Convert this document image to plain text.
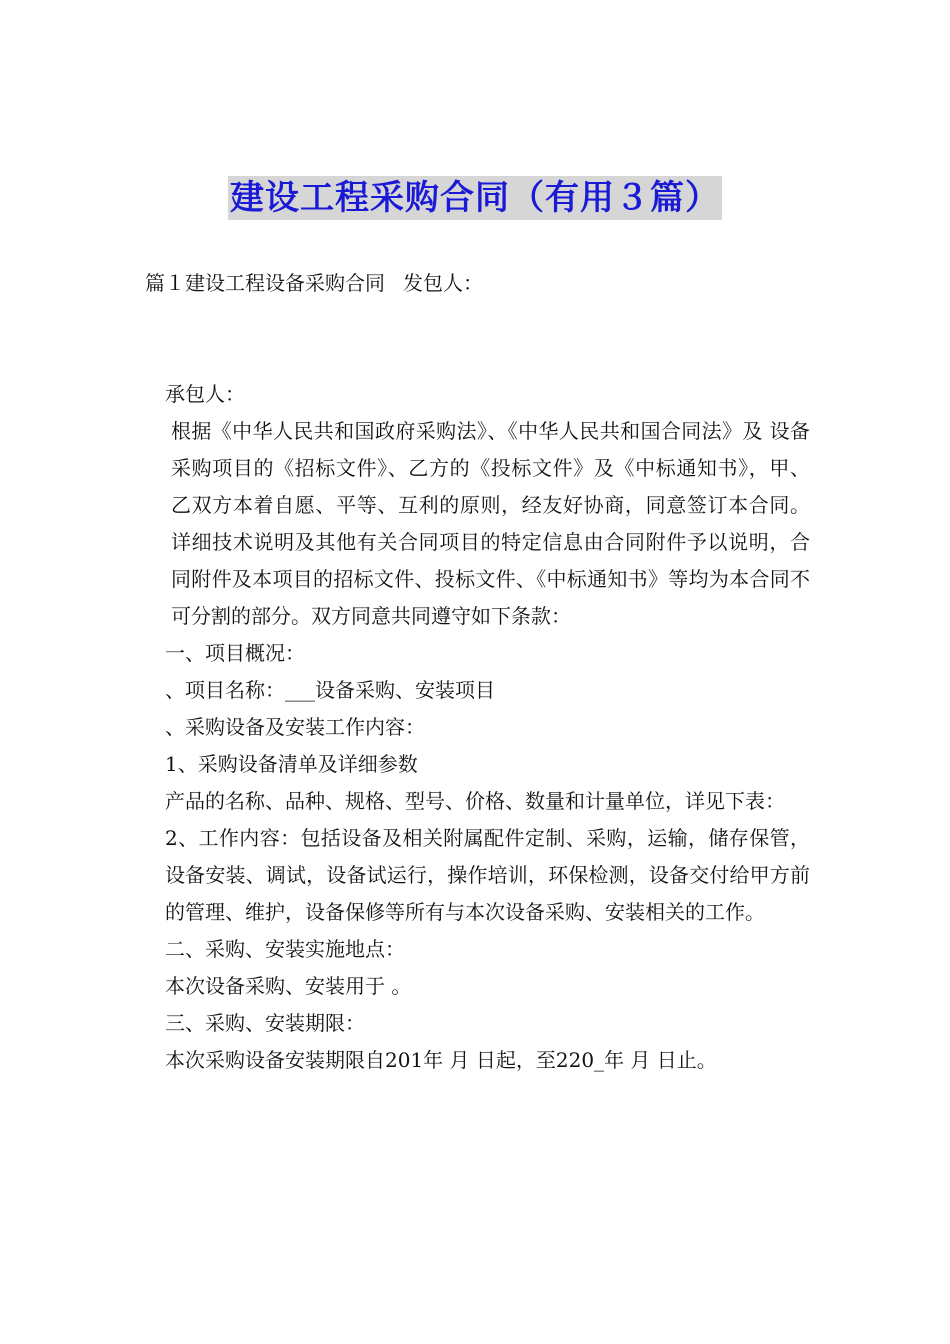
建设工程采购合同（有用３篇）
篇１建设工程设备采购合同 发包人：

承包人：

根据《中华人民共和国政府采购法》、《中华人民共和国合同法》及 设备采购项目的《招标文件》、乙方的《投标文件》及《中标通知书》，甲、乙双方本着自愿、平等、互利的原则，经友好协商，同意签订本合同。详细技术说明及其他有关合同项目的特定信息由合同附件予以说明，合同附件及本项目的招标文件、投标文件、《中标通知书》等均为本合同不可分割的部分。双方同意共同遵守如下条款：

一、项目概况：

、项目名称：___设备采购、安装项目

、采购设备及安装工作内容：

1、采购设备清单及详细参数

产品的名称、品种、规格、型号、价格、数量和计量单位，详见下表：

2、工作内容：包括设备及相关附属配件定制、采购，运输，储存保管，设备安装、调试，设备试运行，操作培训，环保检测，设备交付给甲方前的管理、维护，设备保修等所有与本次设备采购、安装相关的工作。

二、采购、安装实施地点：

本次设备采购、安装用于 。

三、采购、安装期限：

本次采购设备安装期限自201年 月 日起，至220_年 月 日止。
